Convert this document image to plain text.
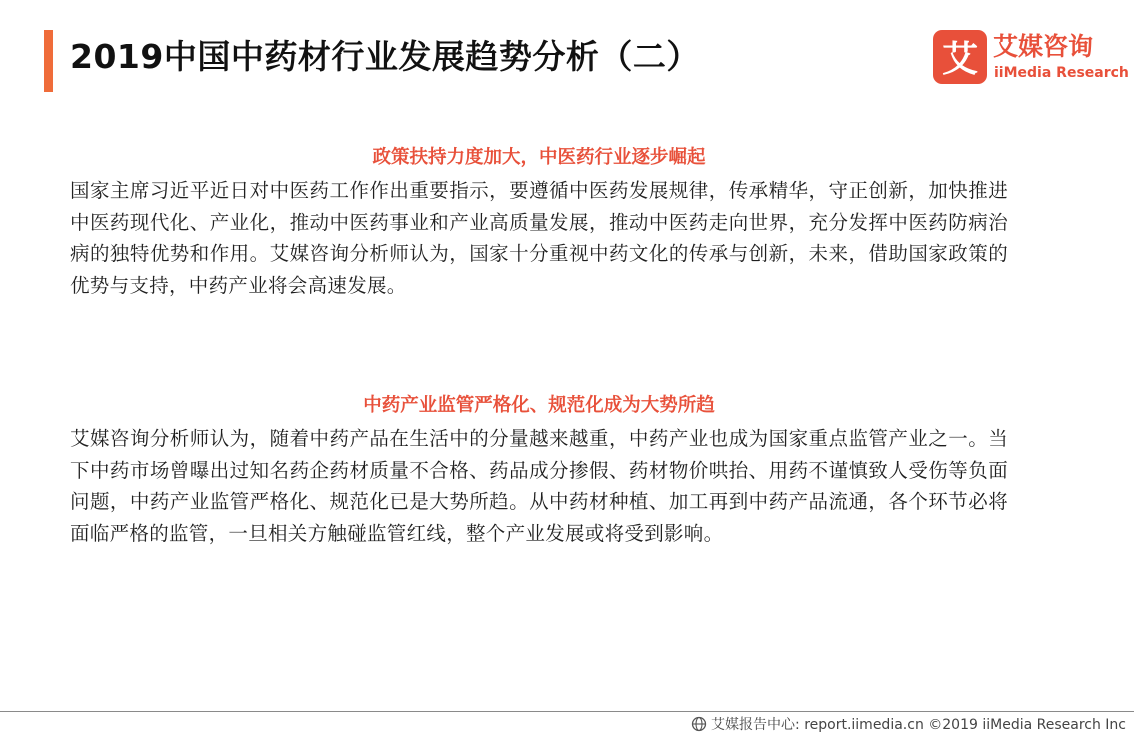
2019中国中药材行业发展趋势分析（二）	艾 艾媒咨询
iiMedia Research
政策扶持力度加大，中医药行业逐步崛起

国家主席习近平近日对中医药工作作出重要指示，要遵循中医药发展规律，传承精华，守正创新，加快推进中医药现代化、产业化，推动中医药事业和产业高质量发展，推动中医药走向世界，充分发挥中医药防病治病的独特优势和作用。艾媒咨询分析师认为，国家十分重视中药文化的传承与创新，未来，借助国家政策的优势与支持，中药产业将会高速发展。

中药产业监管严格化、规范化成为大势所趋

艾媒咨询分析师认为，随着中药产品在生活中的分量越来越重，中药产业也成为国家重点监管产业之一。当下中药市场曾曝出过知名药企药材质量不合格、药品成分掺假、药材物价哄抬、用药不谨慎致人受伤等负面问题，中药产业监管严格化、规范化已是大势所趋。从中药材种植、加工再到中药产品流通，各个环节必将面临严格的监管，一旦相关方触碰监管红线，整个产业发展或将受到影响。

艾媒报告中心: report.iimedia.cn ©2019 iiMedia Research Inc
